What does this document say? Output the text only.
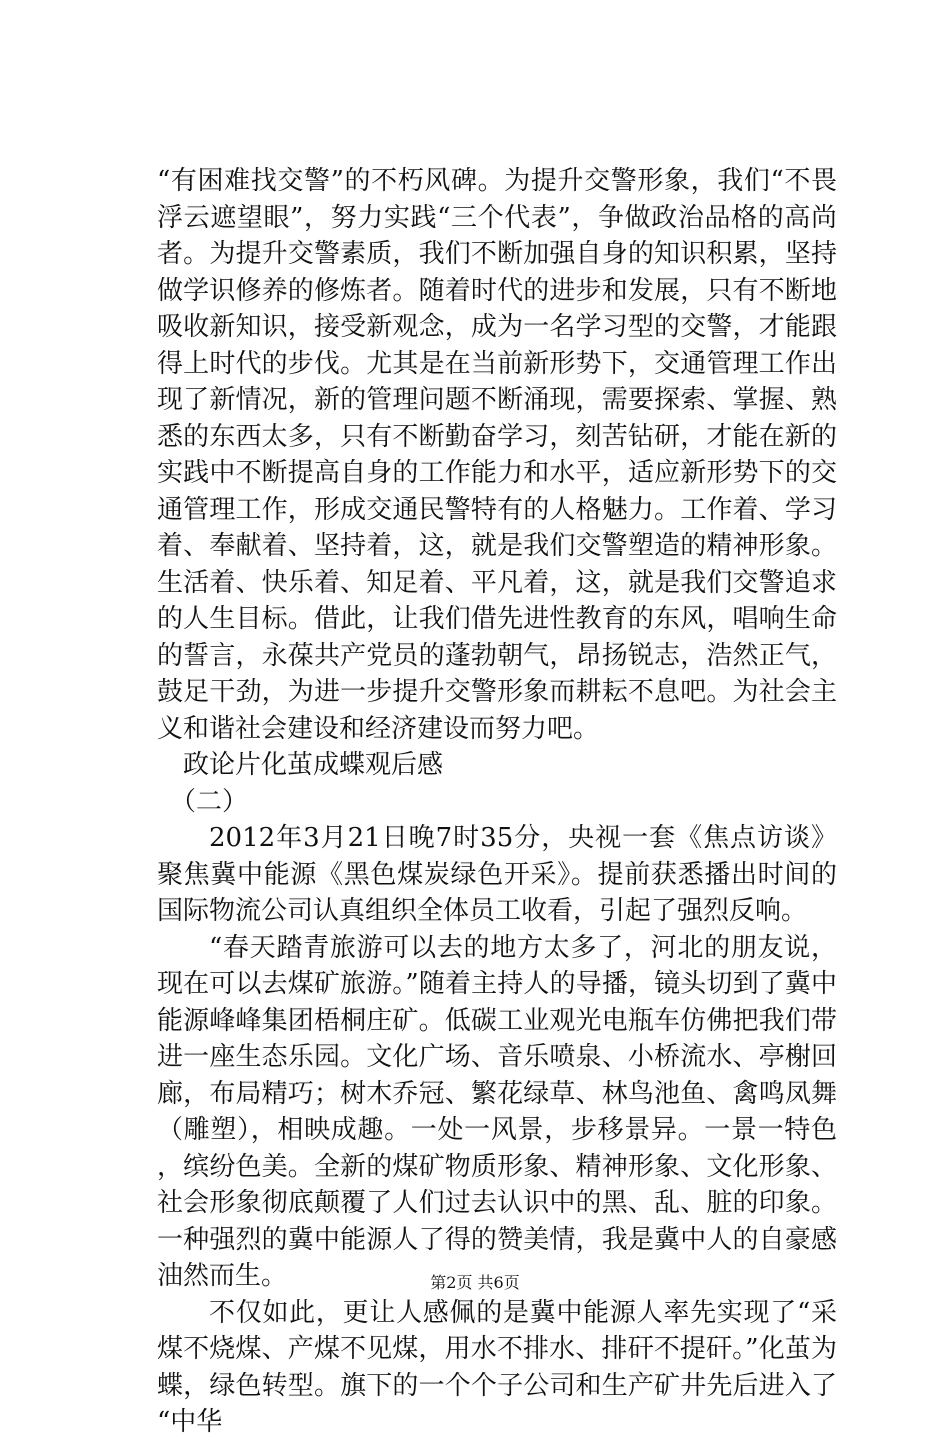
“有困难找交警”的不朽风碑。为提升交警形象，我们“不畏浮云遮望眼”，努力实践“三个代表”，争做政治品格的高尚者。为提升交警素质，我们不断加强自身的知识积累，坚持做学识修养的修炼者。随着时代的进步和发展，只有不断地吸收新知识，接受新观念，成为一名学习型的交警，才能跟得上时代的步伐。尤其是在当前新形势下，交通管理工作出现了新情况，新的管理问题不断涌现，需要探索、掌握、熟悉的东西太多，只有不断勤奋学习，刻苦钻研，才能在新的实践中不断提高自身的工作能力和水平，适应新形势下的交通管理工作，形成交通民警特有的人格魅力。工作着、学习着、奉献着、坚持着，这，就是我们交警塑造的精神形象。生活着、快乐着、知足着、平凡着，这，就是我们交警追求的人生目标。借此，让我们借先进性教育的东风，唱响生命的誓言，永葆共产党员的蓬勃朝气，昂扬锐志，浩然正气，鼓足干劲，为进一步提升交警形象而耕耘不息吧。为社会主义和谐社会建设和经济建设而努力吧。

政论片化茧成蝶观后感

（二）

2012年3月21日晚7时35分，央视一套《焦点访谈》聚焦冀中能源《黑色煤炭绿色开采》。提前获悉播出时间的国际物流公司认真组织全体员工收看，引起了强烈反响。

“春天踏青旅游可以去的地方太多了，河北的朋友说，现在可以去煤矿旅游。”随着主持人的导播，镜头切到了冀中能源峰峰集团梧桐庄矿。低碳工业观光电瓶车仿佛把我们带进一座生态乐园。文化广场、音乐喷泉、小桥流水、亭榭回廊，布局精巧；树木乔冠、繁花绿草、林鸟池鱼、禽鸣凤舞（雕塑），相映成趣。一处一风景，步移景异。一景一特色，缤纷色美。全新的煤矿物质形象、精神形象、文化形象、社会形象彻底颠覆了人们过去认识中的黑、乱、脏的印象。一种强烈的冀中能源人了得的赞美情，我是冀中人的自豪感油然而生。

不仅如此，更让人感佩的是冀中能源人率先实现了“采煤不烧煤、产煤不见煤，用水不排水、排矸不提矸。”化茧为蝶，绿色转型。旗下的一个个子公司和生产矿井先后进入了“中华

第2页 共6页
